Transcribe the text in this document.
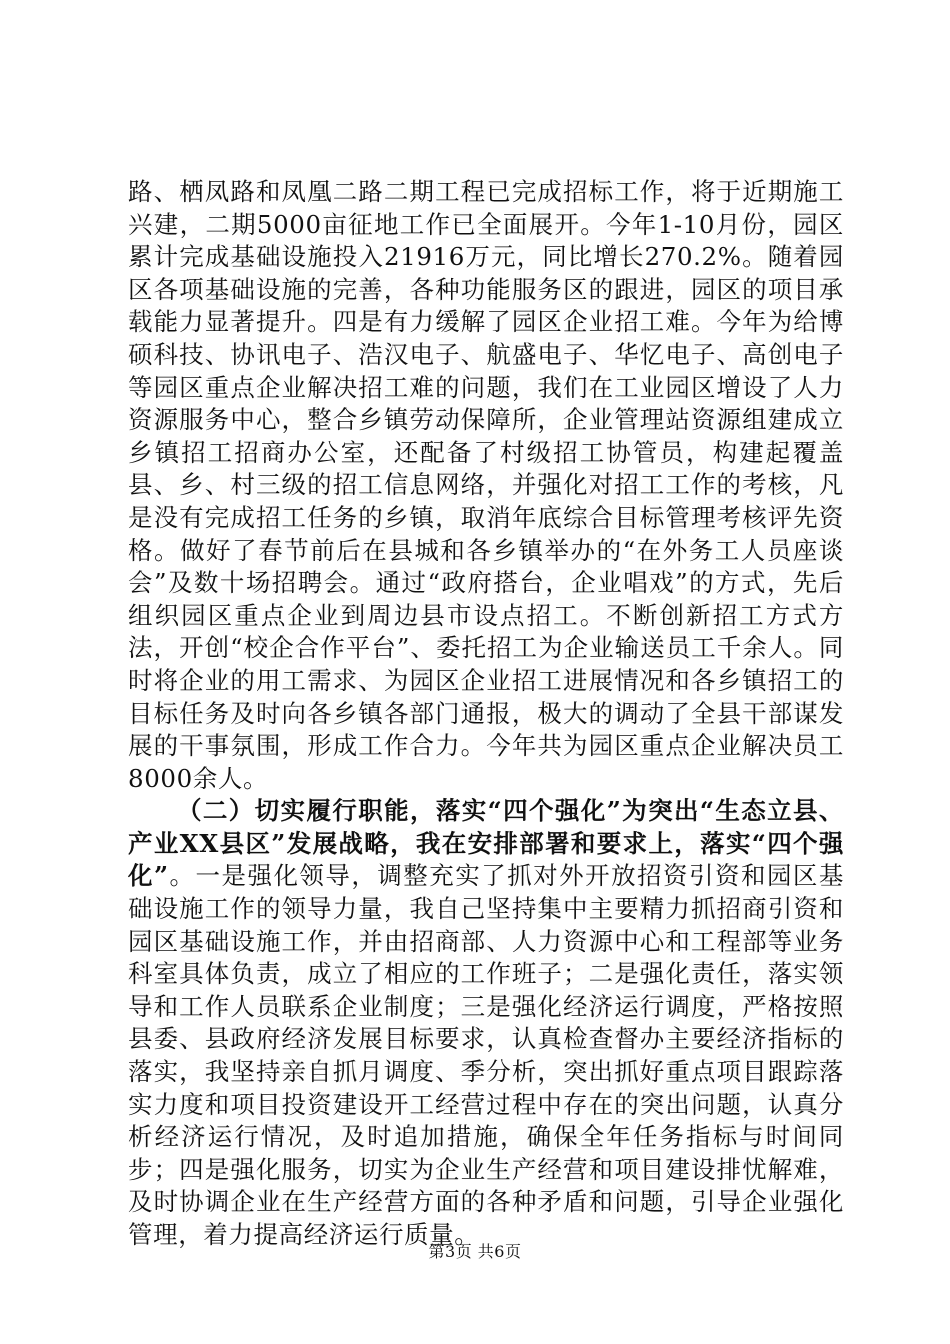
路、栖凤路和凤凰二路二期工程已完成招标工作，将于近期施工兴建，二期5000亩征地工作已全面展开。今年1-10月份，园区累计完成基础设施投入21916万元，同比增长270.2%。随着园区各项基础设施的完善，各种功能服务区的跟进，园区的项目承载能力显著提升。四是有力缓解了园区企业招工难。今年为给博硕科技、协讯电子、浩汉电子、航盛电子、华忆电子、高创电子等园区重点企业解决招工难的问题，我们在工业园区增设了人力资源服务中心，整合乡镇劳动保障所，企业管理站资源组建成立乡镇招工招商办公室，还配备了村级招工协管员，构建起覆盖县、乡、村三级的招工信息网络，并强化对招工工作的考核，凡是没有完成招工任务的乡镇，取消年底综合目标管理考核评先资格。做好了春节前后在县城和各乡镇举办的“在外务工人员座谈会”及数十场招聘会。通过“政府搭台，企业唱戏”的方式，先后组织园区重点企业到周边县市设点招工。不断创新招工方式方法，开创“校企合作平台”、委托招工为企业输送员工千余人。同时将企业的用工需求、为园区企业招工进展情况和各乡镇招工的目标任务及时向各乡镇各部门通报，极大的调动了全县干部谋发展的干事氛围，形成工作合力。今年共为园区重点企业解决员工8000余人。

（二）切实履行职能，落实“四个强化”为突出“生态立县、产业XX县区”发展战略，我在安排部署和要求上，落实“四个强化”。一是强化领导，调整充实了抓对外开放招资引资和园区基础设施工作的领导力量，我自己坚持集中主要精力抓招商引资和园区基础设施工作，并由招商部、人力资源中心和工程部等业务科室具体负责，成立了相应的工作班子；二是强化责任，落实领导和工作人员联系企业制度；三是强化经济运行调度，严格按照县委、县政府经济发展目标要求，认真检查督办主要经济指标的落实，我坚持亲自抓月调度、季分析，突出抓好重点项目跟踪落实力度和项目投资建设开工经营过程中存在的突出问题，认真分析经济运行情况，及时追加措施，确保全年任务指标与时间同步；四是强化服务，切实为企业生产经营和项目建设排忧解难，及时协调企业在生产经营方面的各种矛盾和问题，引导企业强化管理，着力提高经济运行质量。

第3页 共6页
